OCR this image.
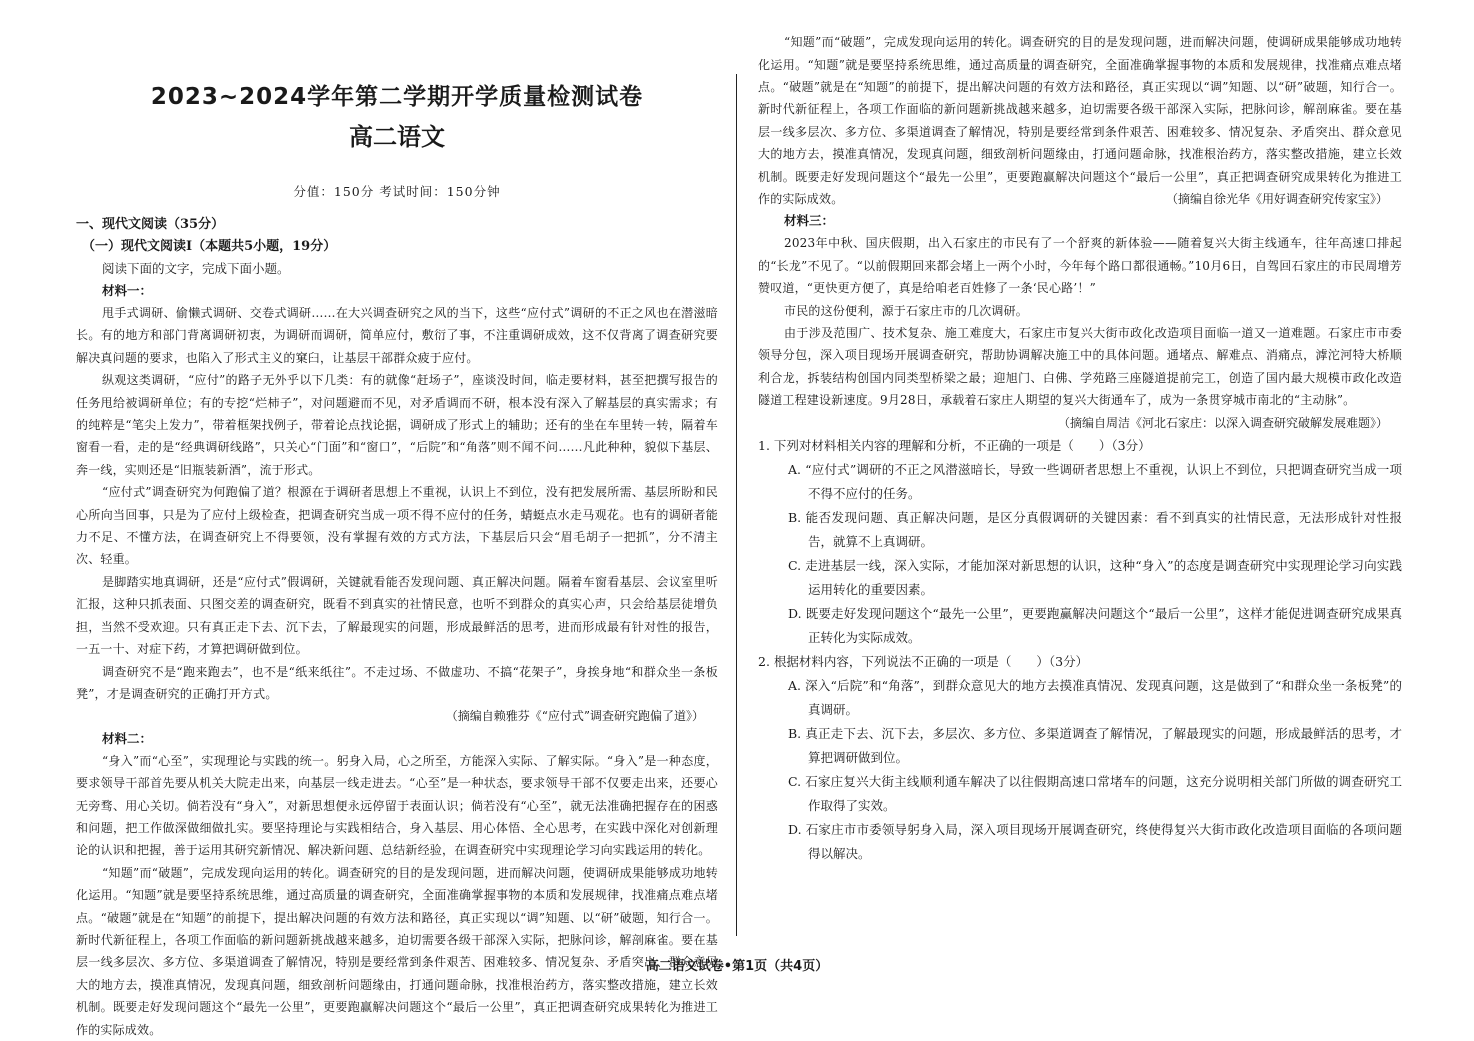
2023~2024学年第二学期开学质量检测试卷
高二语文
分值：150分 考试时间：150分钟
一、现代文阅读（35分）
（一）现代文阅读Ⅰ（本题共5小题，19分）
阅读下面的文字，完成下面小题。
材料一：

甩手式调研、偷懒式调研、交卷式调研……在大兴调查研究之风的当下，这些“应付式”调研的不正之风也在潜滋暗长。有的地方和部门背离调研初衷，为调研而调研，简单应付，敷衍了事，不注重调研成效，这不仅背离了调查研究要解决真问题的要求，也陷入了形式主义的窠臼，让基层干部群众疲于应付。

纵观这类调研，“应付”的路子无外乎以下几类：有的就像“赶场子”，座谈没时间，临走要材料，甚至把撰写报告的任务甩给被调研单位；有的专挖“烂柿子”，对问题避而不见，对矛盾调而不研，根本没有深入了解基层的真实需求；有的纯粹是“笔尖上发力”，带着框架找例子，带着论点找论据，调研成了形式上的辅助；还有的坐在车里转一转，隔着车窗看一看，走的是“经典调研线路”，只关心“门面”和“窗口”，“后院”和“角落”则不闻不问……凡此种种，貌似下基层、奔一线，实则还是“旧瓶装新酒”，流于形式。

“应付式”调查研究为何跑偏了道？根源在于调研者思想上不重视，认识上不到位，没有把发展所需、基层所盼和民心所向当回事，只是为了应付上级检查，把调查研究当成一项不得不应付的任务，蜻蜓点水走马观花。也有的调研者能力不足、不懂方法，在调查研究上不得要领，没有掌握有效的方式方法，下基层后只会“眉毛胡子一把抓”，分不清主次、轻重。

是脚踏实地真调研，还是“应付式”假调研，关键就看能否发现问题、真正解决问题。隔着车窗看基层、会议室里听汇报，这种只抓表面、只图交差的调查研究，既看不到真实的社情民意，也听不到群众的真实心声，只会给基层徒增负担，当然不受欢迎。只有真正走下去、沉下去，了解最现实的问题，形成最鲜活的思考，进而形成最有针对性的报告，一五一十、对症下药，才算把调研做到位。

调查研究不是“跑来跑去”，也不是“纸来纸往”。不走过场、不做虚功、不搞“花架子”，身挨身地“和群众坐一条板凳”，才是调查研究的正确打开方式。

（摘编自赖雅芬《“应付式”调查研究跑偏了道》）

材料二：

“身入”而“心至”，实现理论与实践的统一。躬身入局，心之所至，方能深入实际、了解实际。“身入”是一种态度，要求领导干部首先要从机关大院走出来，向基层一线走进去。“心至”是一种状态，要求领导干部不仅要走出来，还要心无旁骛、用心关切。倘若没有“身入”，对新思想便永远停留于表面认识；倘若没有“心至”，就无法准确把握存在的困惑和问题，把工作做深做细做扎实。要坚持理论与实践相结合，身入基层、用心体悟、全心思考，在实践中深化对创新理论的认识和把握，善于运用其研究新情况、解决新问题、总结新经验，在调查研究中实现理论学习向实践运用的转化。

“知题”而“破题”，完成发现向运用的转化。调查研究的目的是发现问题，进而解决问题，使调研成果能够成功地转化运用。“知题”就是要坚持系统思维，通过高质量的调查研究，全面准确掌握事物的本质和发展规律，找准痛点难点堵点。“破题”就是在“知题”的前提下，提出解决问题的有效方法和路径，真正实现以“调”知题、以“研”破题，知行合一。新时代新征程上，各项工作面临的新问题新挑战越来越多，迫切需要各级干部深入实际，把脉问诊，解剖麻雀。要在基层一线多层次、多方位、多渠道调查了解情况，特别是要经常到条件艰苦、困难较多、情况复杂、矛盾突出、群众意见大的地方去，摸准真情况，发现真问题，细致剖析问题缘由，打通问题命脉，找准根治药方，落实整改措施，建立长效机制。既要走好发现问题这个“最先一公里”，更要跑赢解决问题这个“最后一公里”，真正把调查研究成果转化为推进工作的实际成效。

“知题”而“破题”，完成发现向运用的转化。调查研究的目的是发现问题，进而解决问题，使调研成果能够成功地转化运用。“知题”就是要坚持系统思维，通过高质量的调查研究，全面准确掌握事物的本质和发展规律，找准痛点难点堵点。“破题”就是在“知题”的前提下，提出解决问题的有效方法和路径，真正实现以“调”知题、以“研”破题，知行合一。新时代新征程上，各项工作面临的新问题新挑战越来越多，迫切需要各级干部深入实际，把脉问诊，解剖麻雀。要在基层一线多层次、多方位、多渠道调查了解情况，特别是要经常到条件艰苦、困难较多、情况复杂、矛盾突出、群众意见大的地方去，摸准真情况，发现真问题，细致剖析问题缘由，打通问题命脉，找准根治药方，落实整改措施，建立长效机制。既要走好发现问题这个“最先一公里”，更要跑赢解决问题这个“最后一公里”，真正把调查研究成果转化为推进工作的实际成效。	（摘编自徐光华《用好调查研究传家宝》）

材料三：

2023年中秋、国庆假期，出入石家庄的市民有了一个舒爽的新体验——随着复兴大街主线通车，往年高速口排起的“长龙”不见了。“以前假期回来都会堵上一两个小时，今年每个路口都很通畅。”10月6日，自驾回石家庄的市民周增芳赞叹道，“更快更方便了，真是给咱老百姓修了一条‘民心路’！”

市民的这份便利，源于石家庄市的几次调研。

由于涉及范围广、技术复杂、施工难度大，石家庄市复兴大街市政化改造项目面临一道又一道难题。石家庄市市委领导分包，深入项目现场开展调查研究，帮助协调解决施工中的具体问题。通堵点、解难点、消痛点，滹沱河特大桥顺利合龙，拆装结构创国内同类型桥梁之最；迎旭门、白佛、学苑路三座隧道提前完工，创造了国内最大规模市政化改造隧道工程建设新速度。9月28日，承载着石家庄人期望的复兴大街通车了，成为一条贯穿城市南北的“主动脉”。

（摘编自周洁《河北石家庄：以深入调查研究破解发展难题》）

1. 下列对材料相关内容的理解和分析，不正确的一项是（　　）（3分）
A. “应付式”调研的不正之风潜滋暗长，导致一些调研者思想上不重视，认识上不到位，只把调查研究当成一项不得不应付的任务。
B. 能否发现问题、真正解决问题，是区分真假调研的关键因素：看不到真实的社情民意，无法形成针对性报告，就算不上真调研。
C. 走进基层一线，深入实际，才能加深对新思想的认识，这种“身入”的态度是调查研究中实现理论学习向实践运用转化的重要因素。
D. 既要走好发现问题这个“最先一公里”，更要跑赢解决问题这个“最后一公里”，这样才能促进调查研究成果真正转化为实际成效。
2. 根据材料内容，下列说法不正确的一项是（　　）（3分）
A. 深入“后院”和“角落”，到群众意见大的地方去摸准真情况、发现真问题，这是做到了“和群众坐一条板凳”的真调研。
B. 真正走下去、沉下去，多层次、多方位、多渠道调查了解情况，了解最现实的问题，形成最鲜活的思考，才算把调研做到位。
C. 石家庄复兴大街主线顺利通车解决了以往假期高速口常堵车的问题，这充分说明相关部门所做的调查研究工作取得了实效。
D. 石家庄市市委领导躬身入局，深入项目现场开展调查研究，终使得复兴大街市政化改造项目面临的各项问题得以解决。
高二语文试卷•第1页（共4页）
